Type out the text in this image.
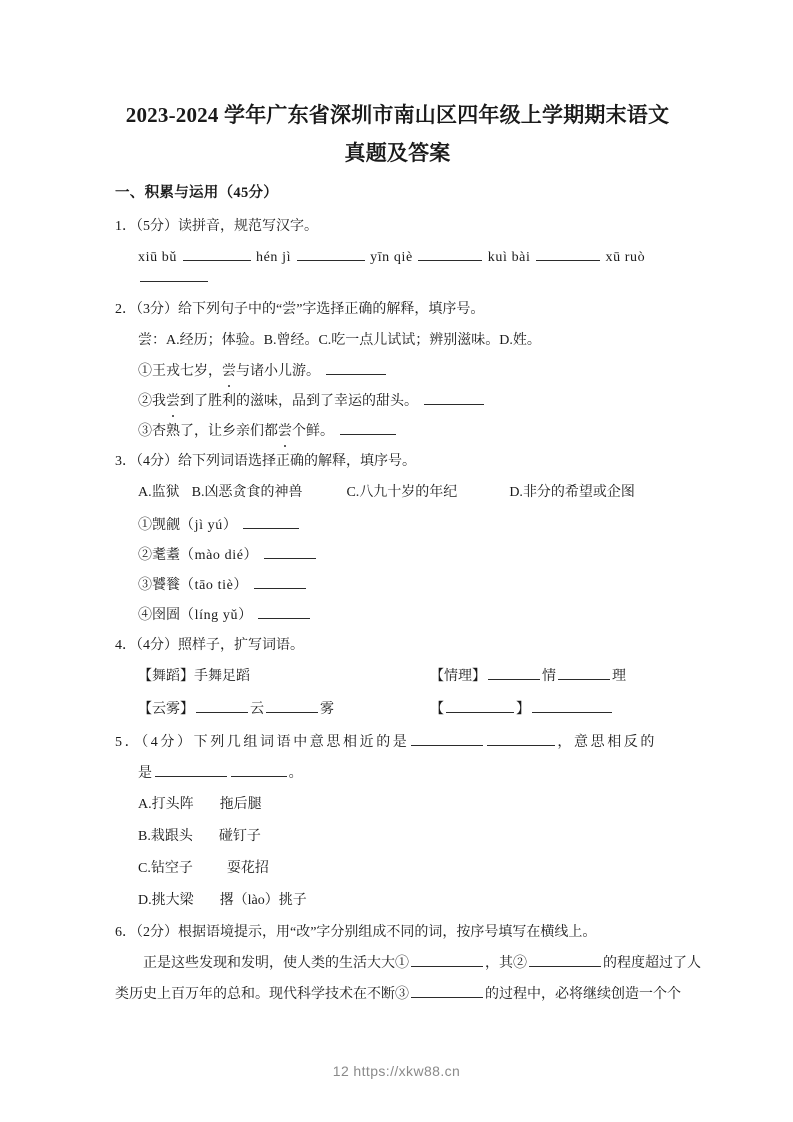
2023-2024 学年广东省深圳市南山区四年级上学期期末语文
真题及答案
一、积累与运用（45分）
1．（5分）读拼音，规范写汉字。
xiū bǔ	hén jì	yīn qiè	kuì bài	xū ruò
2．（3分）给下列句子中的“尝”字选择正确的解释，填序号。
尝：A.经历；体验。B.曾经。C.吃一点儿试试；辨别滋味。D.姓。
①王戎七岁，尝与诸小儿游。
②我尝到了胜利的滋味，品到了幸运的甜头。
③杏熟了，让乡亲们都尝个鲜。
3．（4分）给下列词语选择正确的解释，填序号。
A.监狱 B.凶恶贪食的神兽	C.八九十岁的年纪	D.非分的希望或企图
①觊觎（jì yú）
②耄耋（mào dié）
③饕餮（tāo tiè）
④囹圄（líng yǔ）
4．（4分）照样子，扩写词语。
【舞蹈】手舞足蹈	【情理】	情	理
【云雾】	云	雾	【	】
5．（4分）下列几组词语中意思相近的是	，意思相反的
是	。
A.打头阵 拖后腿
B.栽跟头 碰钉子
C.钻空子 耍花招
D.挑大梁 撂（lào）挑子
6．（2分）根据语境提示，用“改”字分别组成不同的词，按序号填写在横线上。
正是这些发现和发明，使人类的生活大大①	，其②	的程度超过了人
类历史上百万年的总和。现代科学技术在不断③	的过程中，必将继续创造一个个
12 https://xkw88.cn
